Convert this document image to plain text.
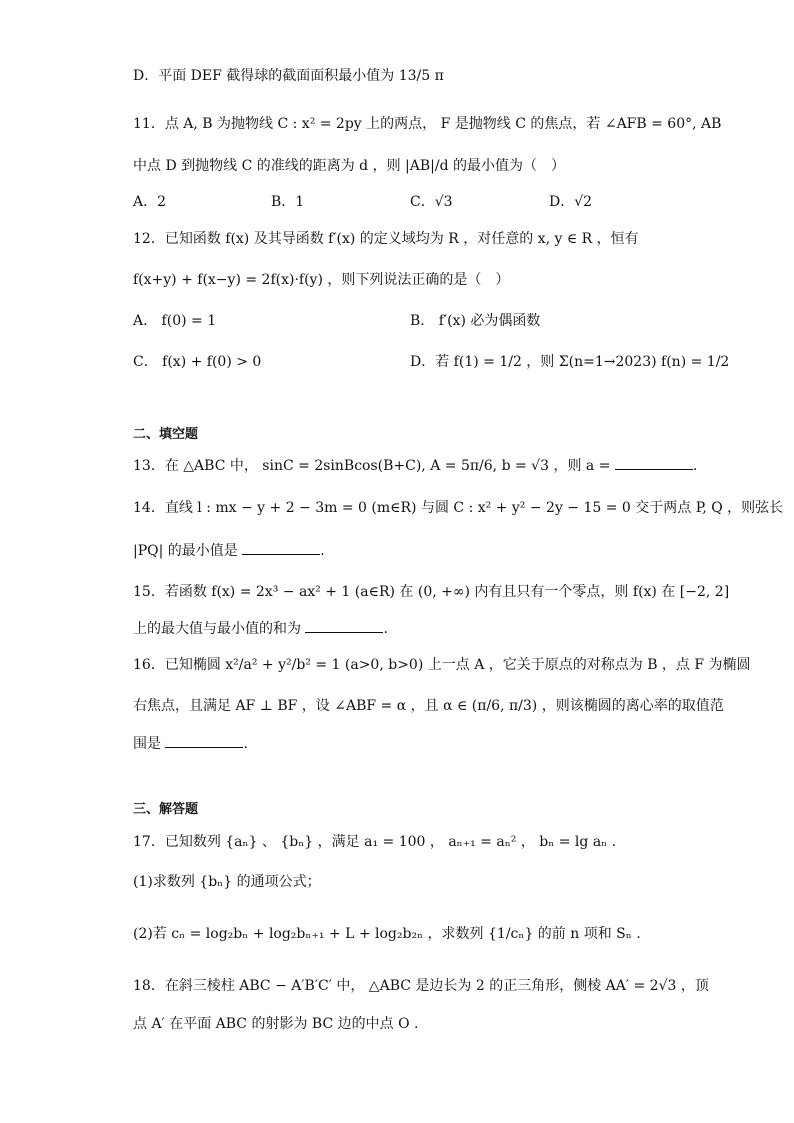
D．平面 DEF 截得球的截面面积最小值为 13/5 π
11．点 A, B 为抛物线 C : x² = 2py 上的两点， F 是抛物线 C 的焦点，若 ∠AFB = 60°, AB
中点 D 到抛物线 C 的准线的距离为 d ，则 |AB|/d 的最小值为（　）
A．2	B．1	C．√3	D．√2
12．已知函数 f(x) 及其导函数 f′(x) 的定义域均为 R ，对任意的 x, y ∈ R ，恒有
f(x+y) + f(x−y) = 2f(x)·f(y) ，则下列说法正确的是（　）
A． f(0) = 1	B． f′(x) 必为偶函数
C． f(x) + f(0) > 0	D．若 f(1) = 1/2 ，则 Σ(n=1→2023) f(n) = 1/2
二、填空题
13．在 △ABC 中， sinC = 2sinBcos(B+C), A = 5π/6, b = √3 ，则 a =	.
14．直线 l : mx − y + 2 − 3m = 0 (m∈R) 与圆 C : x² + y² − 2y − 15 = 0 交于两点 P, Q ，则弦长
|PQ| 的最小值是	.
15．若函数 f(x) = 2x³ − ax² + 1 (a∈R) 在 (0, +∞) 内有且只有一个零点，则 f(x) 在 [−2, 2]
上的最大值与最小值的和为	.
16．已知椭圆 x²/a² + y²/b² = 1 (a>0, b>0) 上一点 A ，它关于原点的对称点为 B ，点 F 为椭圆
右焦点，且满足 AF ⊥ BF ，设 ∠ABF = α ，且 α ∈ (π/6, π/3) ，则该椭圆的离心率的取值范
围是	.
三、解答题
17．已知数列 {aₙ} 、 {bₙ} ，满足 a₁ = 100 ， aₙ₊₁ = aₙ² ， bₙ = lg aₙ .
(1)求数列 {bₙ} 的通项公式；
(2)若 cₙ = log₂bₙ + log₂bₙ₊₁ + L + log₂b₂ₙ ，求数列 {1/cₙ} 的前 n 项和 Sₙ .
18．在斜三棱柱 ABC − A′B′C′ 中， △ABC 是边长为 2 的正三角形，侧棱 AA′ = 2√3 ，顶
点 A′ 在平面 ABC 的射影为 BC 边的中点 O .
